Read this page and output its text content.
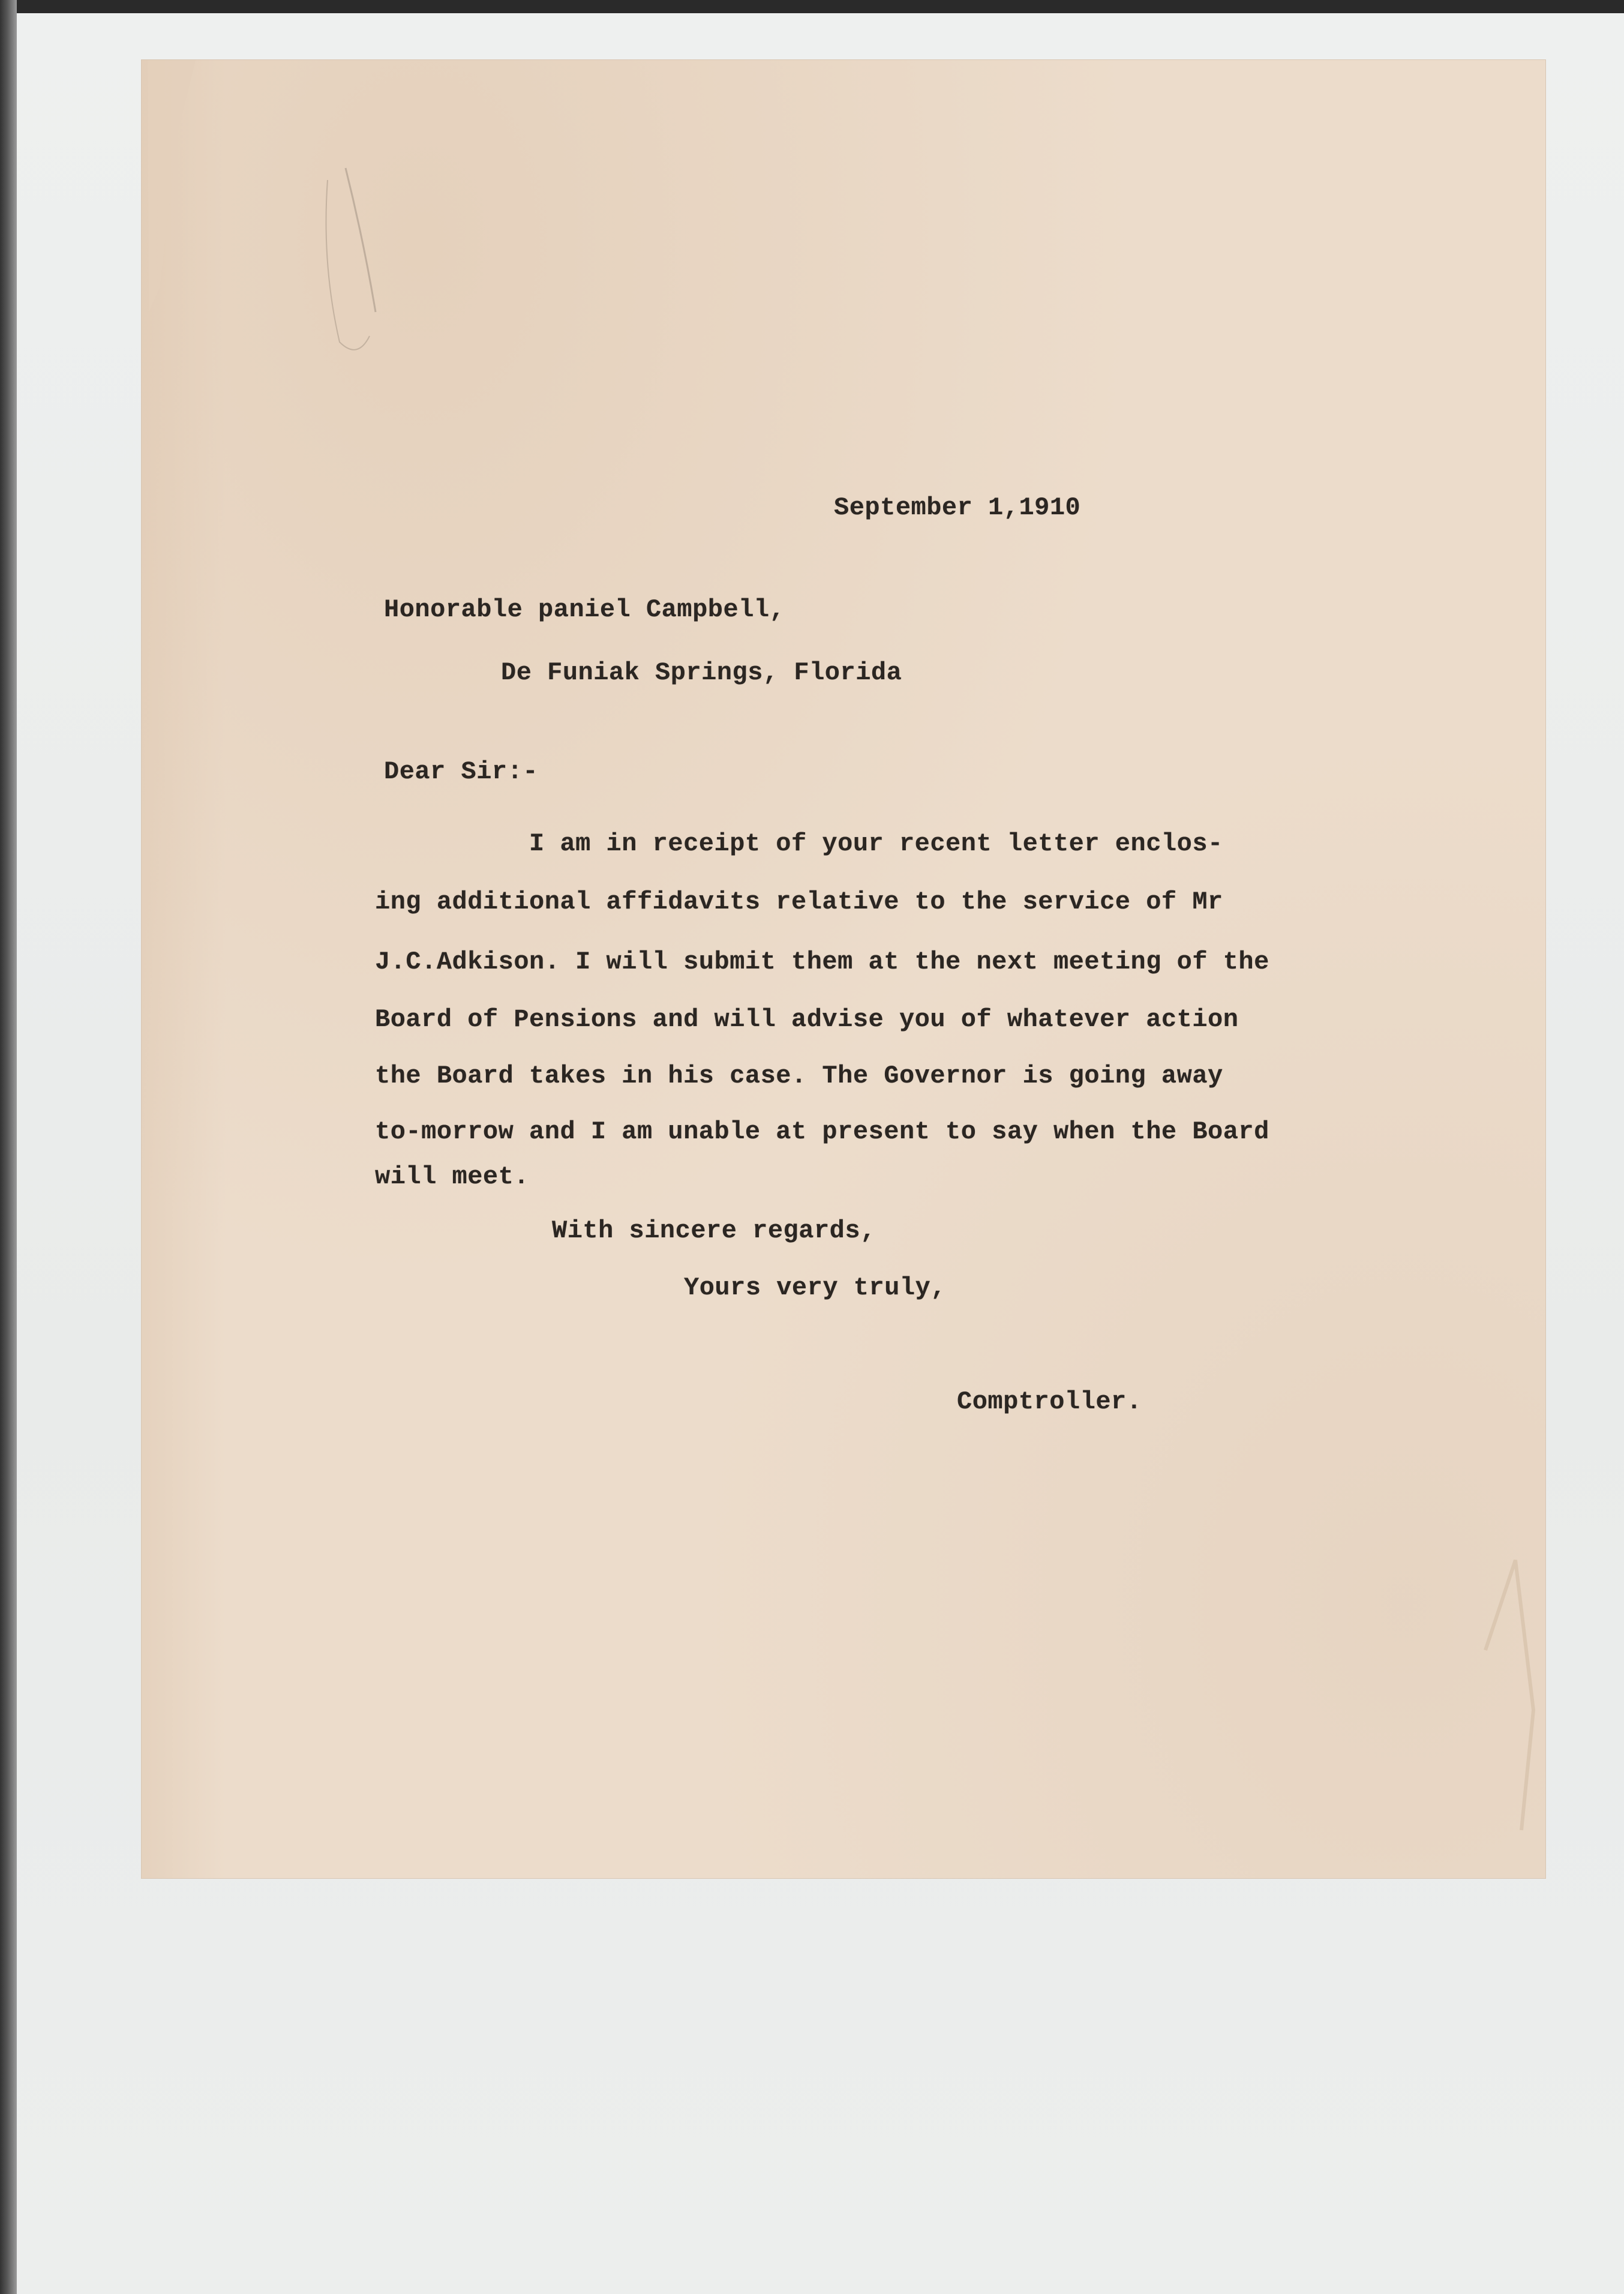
September 1,1910

Honorable paniel Campbell,

De Funiak Springs, Florida

Dear Sir:-

I am in receipt of your recent letter enclos-

ing additional affidavits relative to the service of Mr

J.C.Adkison. I will submit them at the next meeting of the

Board of Pensions and will advise you of whatever action

the Board takes in his case. The Governor is going away

to-morrow and I am unable at present to say when the Board

will meet.

With sincere regards,

Yours very truly,

Comptroller.
